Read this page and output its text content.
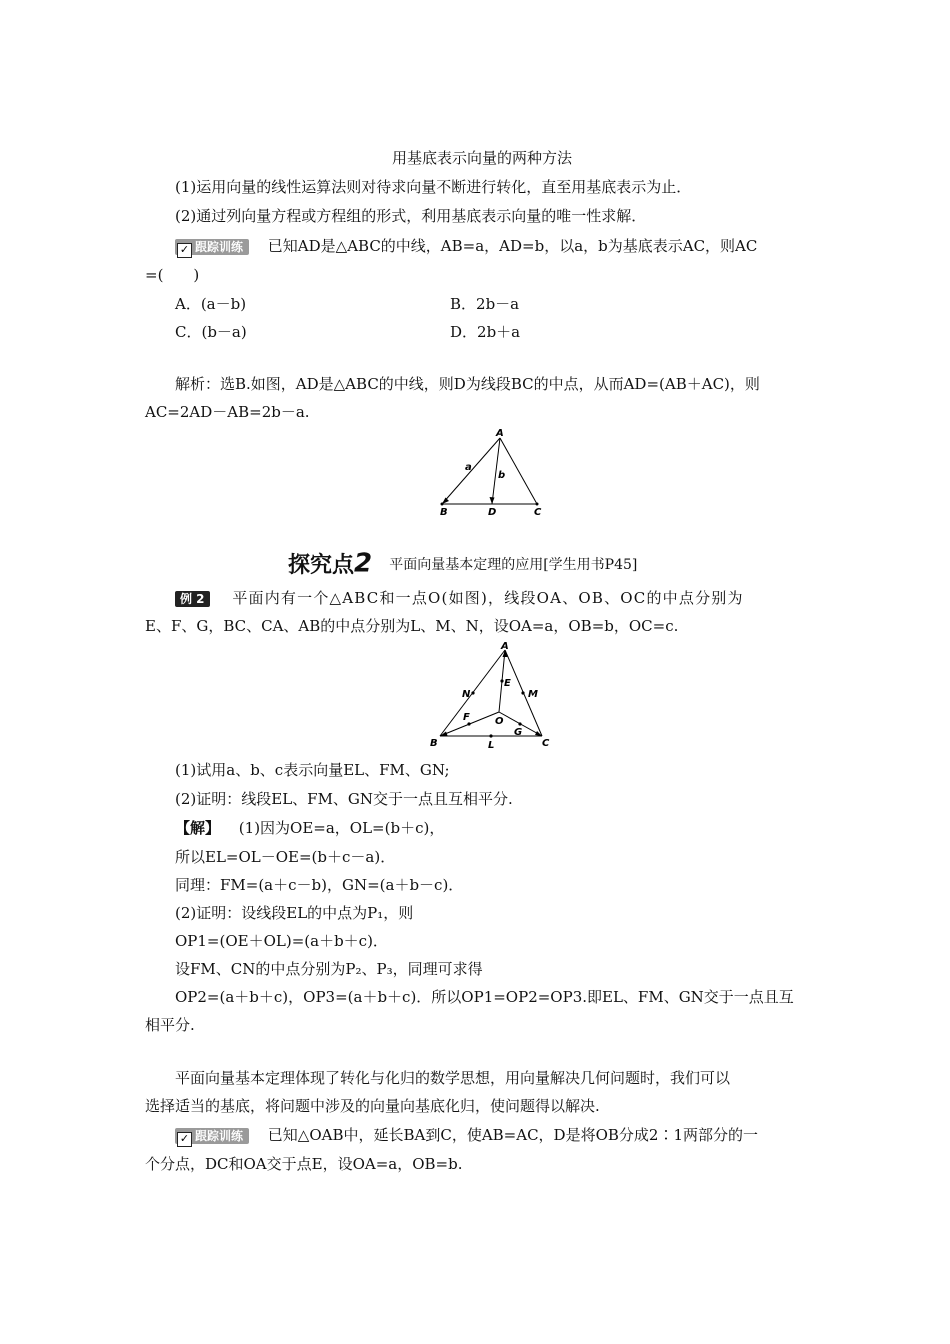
用基底表示向量的两种方法
(1)运用向量的线性运算法则对待求向量不断进行转化，直至用基底表示为止．
(2)通过列向量方程或方程组的形式，利用基底表示向量的唯一性求解．
✓ 跟踪训练 已知AD是△ABC的中线，AB=a，AD=b，以a，b为基底表示AC，则AC
=(　　)
A．(a－b)	B．2b－a
C．(b－a)	D．2b＋a
解析：选B.如图，AD是△ABC的中线，则D为线段BC的中点，从而AD=(AB＋AC)，则
AC=2AD－AB=2b－a.
A
B	D	C
a
b
探究点2 平面向量基本定理的应用[学生用书P45]
例 2 平面内有一个△ABC和一点O(如图)，线段OA、OB、OC的中点分别为
E、F、G，BC、CA、AB的中点分别为L、M、N，设OA=a，OB=b，OC=c.
A
B	C
O
E
F
G
L
M
N
(1)试用a、b、c表示向量EL、FM、GN;
(2)证明：线段EL、FM、GN交于一点且互相平分.
【解】 (1)因为OE=a，OL=(b＋c)，
所以EL=OL－OE=(b＋c－a)．
同理：FM=(a＋c－b)，GN=(a＋b－c)．
(2)证明：设线段EL的中点为P₁，则
OP1=(OE＋OL)=(a＋b＋c)．
设FM、CN的中点分别为P₂、P₃，同理可求得
OP2=(a＋b＋c)，OP3=(a＋b＋c)．所以OP1=OP2=OP3.即EL、FM、GN交于一点且互
相平分.
平面向量基本定理体现了转化与化归的数学思想，用向量解决几何问题时，我们可以
选择适当的基底，将问题中涉及的向量向基底化归，使问题得以解决.
✓ 跟踪训练 已知△OAB中，延长BA到C，使AB=AC，D是将OB分成2∶1两部分的一
个分点，DC和OA交于点E，设OA=a，OB=b.
